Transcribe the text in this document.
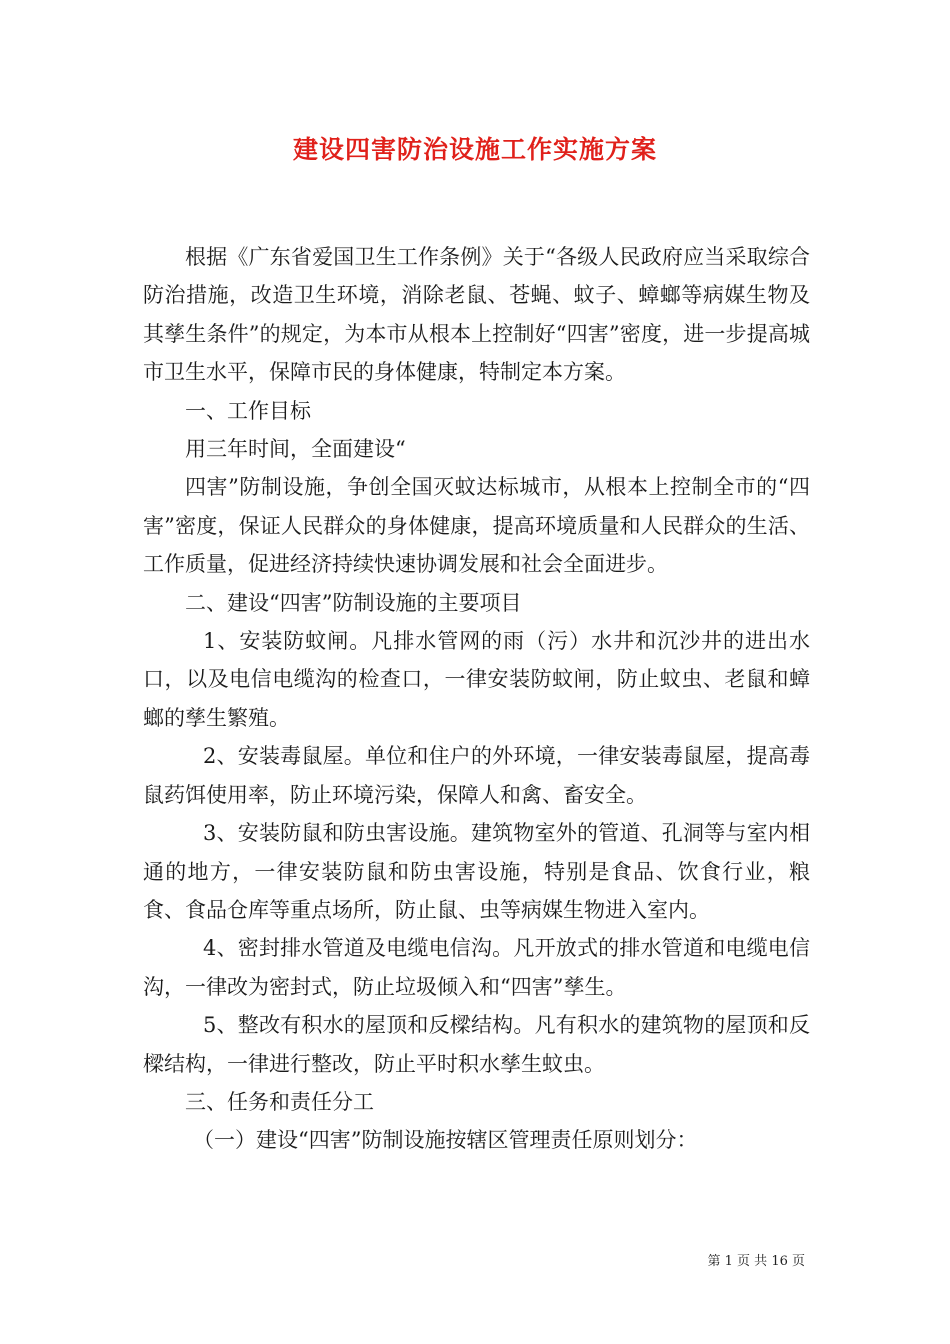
建设四害防治设施工作实施方案

根据《广东省爱国卫生工作条例》关于“各级人民政府应当采取综合防治措施，改造卫生环境，消除老鼠、苍蝇、蚊子、蟑螂等病媒生物及其孳生条件”的规定，为本市从根本上控制好“四害”密度，进一步提高城市卫生水平，保障市民的身体健康，特制定本方案。

一、工作目标

用三年时间，全面建设“

四害”防制设施，争创全国灭蚊达标城市，从根本上控制全市的“四害”密度，保证人民群众的身体健康，提高环境质量和人民群众的生活、工作质量，促进经济持续快速协调发展和社会全面进步。

二、建设“四害”防制设施的主要项目

1、安装防蚊闸。凡排水管网的雨（污）水井和沉沙井的进出水口，以及电信电缆沟的检查口，一律安装防蚊闸，防止蚊虫、老鼠和蟑螂的孳生繁殖。

2、安装毒鼠屋。单位和住户的外环境，一律安装毒鼠屋，提高毒鼠药饵使用率，防止环境污染，保障人和禽、畜安全。

3、安装防鼠和防虫害设施。建筑物室外的管道、孔洞等与室内相通的地方，一律安装防鼠和防虫害设施，特别是食品、饮食行业，粮食、食品仓库等重点场所，防止鼠、虫等病媒生物进入室内。

4、密封排水管道及电缆电信沟。凡开放式的排水管道和电缆电信沟，一律改为密封式，防止垃圾倾入和“四害”孳生。

5、整改有积水的屋顶和反樑结构。凡有积水的建筑物的屋顶和反樑结构，一律进行整改，防止平时积水孳生蚊虫。

三、任务和责任分工

（一）建设“四害”防制设施按辖区管理责任原则划分：

第 1 页 共 16 页
